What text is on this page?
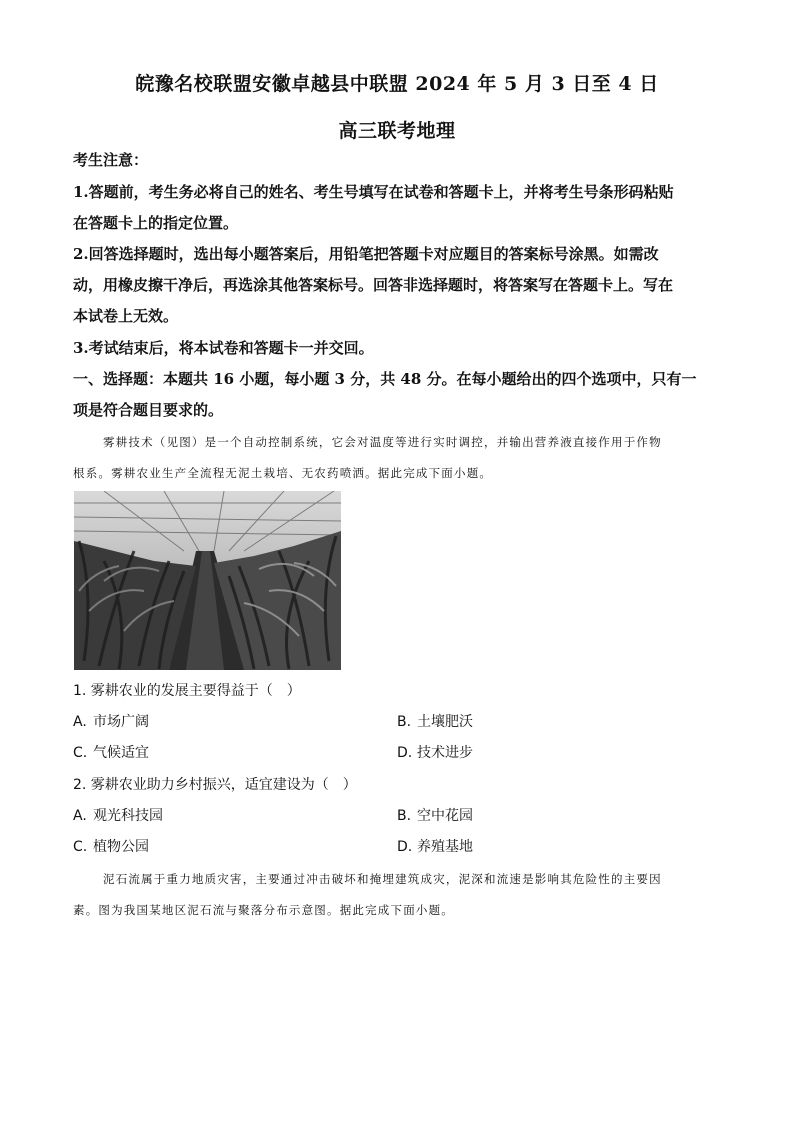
皖豫名校联盟安徽卓越县中联盟 2024 年 5 月 3 日至 4 日
高三联考地理
考生注意：
1.答题前，考生务必将自己的姓名、考生号填写在试卷和答题卡上，并将考生号条形码粘贴
在答题卡上的指定位置。
2.回答选择题时，选出每小题答案后，用铅笔把答题卡对应题目的答案标号涂黑。如需改
动，用橡皮擦干净后，再选涂其他答案标号。回答非选择题时，将答案写在答题卡上。写在
本试卷上无效。
3.考试结束后，将本试卷和答题卡一并交回。
一、选择题：本题共 16 小题，每小题 3 分，共 48 分。在每小题给出的四个选项中，只有一
项是符合题目要求的。
雾耕技术（见图）是一个自动控制系统，它会对温度等进行实时调控，并输出营养液直接作用于作物
根系。雾耕农业生产全流程无泥土栽培、无农药喷洒。据此完成下面小题。
1. 雾耕农业的发展主要得益于（　）
A. 市场广阔	B. 土壤肥沃
C. 气候适宜	D. 技术进步
2. 雾耕农业助力乡村振兴，适宜建设为（　）
A. 观光科技园	B. 空中花园
C. 植物公园	D. 养殖基地
泥石流属于重力地质灾害，主要通过冲击破坏和掩埋建筑成灾，泥深和流速是影响其危险性的主要因
素。图为我国某地区泥石流与聚落分布示意图。据此完成下面小题。
